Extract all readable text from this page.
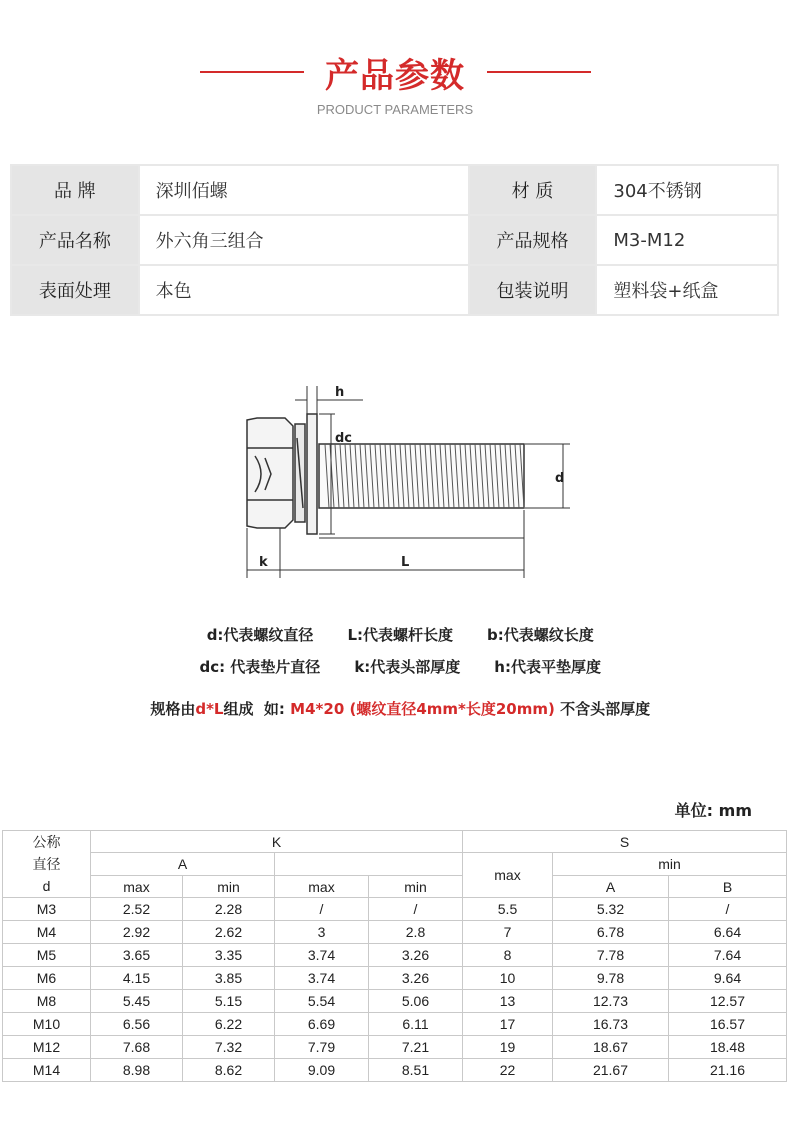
产品参数
PRODUCT PARAMETERS
品 牌	深圳佰螺	材 质	304不锈钢
产品名称	外六角三组合	产品规格	M3-M12
表面处理	本色	包装说明	塑料袋+纸盒
h
dc
d
k	L

d:代表螺纹直径 L:代表螺杆长度 b:代表螺纹长度

dc: 代表垫片直径 k:代表头部厚度 h:代表平垫厚度

规格由d*L组成  如: M4*20 (螺纹直径4mm*长度20mm) 不含头部厚度

单位: mm
公称
直径
d	K				S		
	A				max	min	
	max	min	max	min		A	B
M3	2.52	2.28	/	/	5.5	5.32	/
M4	2.92	2.62	3	2.8	7	6.78	6.64
M5	3.65	3.35	3.74	3.26	8	7.78	7.64
M6	4.15	3.85	3.74	3.26	10	9.78	9.64
M8	5.45	5.15	5.54	5.06	13	12.73	12.57
M10	6.56	6.22	6.69	6.11	17	16.73	16.57
M12	7.68	7.32	7.79	7.21	19	18.67	18.48
M14	8.98	8.62	9.09	8.51	22	21.67	21.16
